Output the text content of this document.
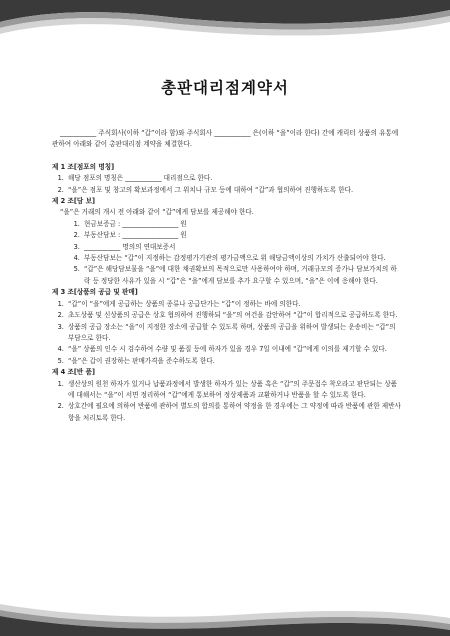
총판대리점계약서

___________ 주식회사(이하 “갑”이라 함)와 주식회사 ___________ 은(이하 “을”이라 한다) 간에 캐릭터 상품의 유통에 관하여 아래와 같이 총판대리점 계약을 체결한다.

제 1 조[점포의 명칭]
1. 해당 점포의 명칭은 ___________ 대리점으로 한다.
2. “을”은 점포 및 창고의 확보과정에서 그 위치나 규모 등에 대하여 “갑”과 협의하여 진행하도록 한다.
제 2 조[담 보]

“을”은 거래의 개시 전 아래와 같이 “갑”에게 담보를 제공해야 한다.

1. 현금보증금 : _________________ 원
2. 부동산담보 : _________________ 원
3. ___________ 명의의 연대보증서
4. 부동산담보는 “갑”이 지정하는 감정평가기관의 평가금액으로 위 해당금액이상의 가치가 산출되어야 한다.
5. “갑”은 해당담보물을 “을”에 대한 채권확보의 목적으로만 사용하여야 하며, 거래규모의 증가나 담보가치의 하락 등 정당한 사유가 있을 시 “갑”은 “을”에게 담보를 추가 요구할 수 있으며, “을”은 이에 응해야 한다.
제 3 조[상품의 공급 및 판매]
1. “갑”이 “을”에게 공급하는 상품의 종류나 공급단가는 “갑”이 정하는 바에 의한다.
2. 초도상품 및 신상품의 공급은 상호 협의하여 진행하되 “을”의 여건을 감안하여 “갑”이 합리적으로 공급하도록 한다.
3. 상품의 공급 장소는 “을”이 지정한 장소에 공급할 수 있도록 하며, 상품의 공급을 위하여 발생되는 운송비는 “갑”의 부담으로 한다.
4. “을” 상품의 인수 시 검수하여 수량 및 품질 등에 하자가 있을 경우 7일 이내에 “갑”에게 이의를 제기할 수 있다.
5. “을”은 갑이 권장하는 판매가격을 준수하도록 한다.
제 4 조[반 품]
1. 생산상의 원천 하자가 있거나 납품과정에서 발생한 하자가 있는 상품 혹은 “갑”의 주문접수 착오라고 판단되는 상품에 대해서는 “을”이 서면 정리하여 “갑”에게 통보하여 정상제품과 교환하거나 반품을 할 수 있도록 한다.
2. 상호간에 필요에 의하여 반품에 관하여 별도의 합의를 통하여 약정을 한 경우에는 그 약정에 따라 반품에 관한 제반사항을 처리토록 한다.
